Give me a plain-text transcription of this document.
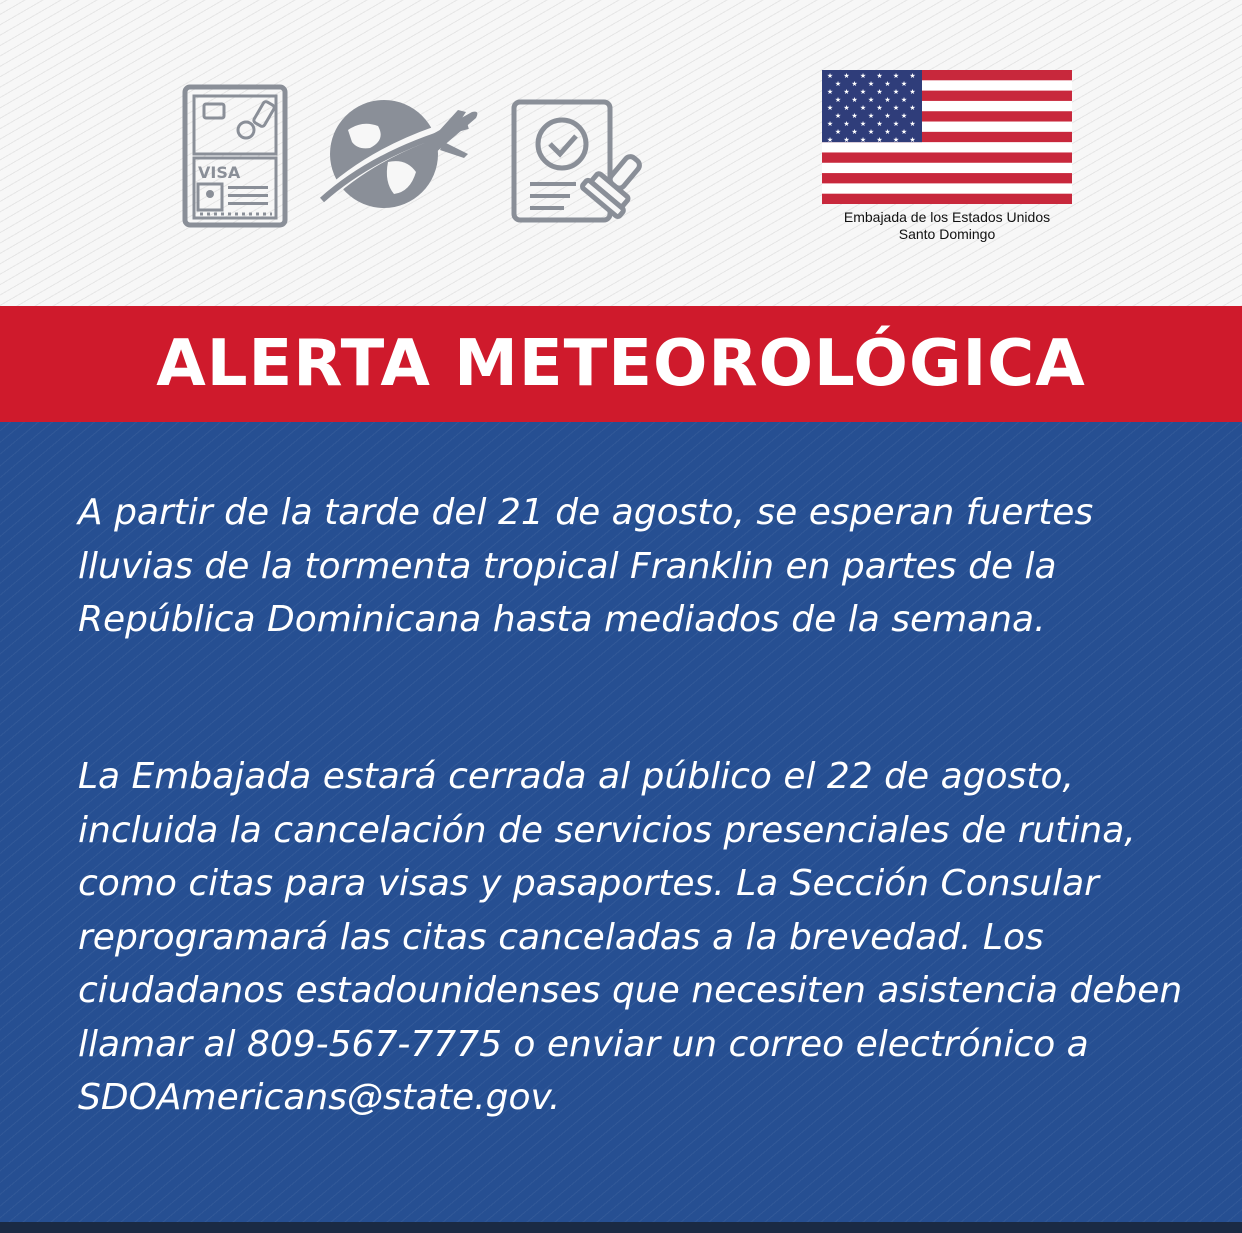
VISA
★ ★ ★ ★ ★ ★
★ ★ ★ ★ ★
★ ★ ★ ★ ★ ★
★ ★ ★ ★ ★
★ ★ ★ ★ ★ ★
★ ★ ★ ★ ★
★ ★ ★ ★ ★ ★
★ ★ ★ ★ ★
★ ★ ★ ★ ★ ★
Embajada de los Estados Unidos
Santo Domingo
ALERTA METEOROLÓGICA

A partir de la tarde del 21 de agosto, se esperan fuertes lluvias de la tormenta tropical Franklin en partes de la República Dominicana hasta mediados de la semana.

La Embajada estará cerrada al público el 22 de agosto, incluida la cancelación de servicios presenciales de rutina, como citas para visas y pasaportes. La Sección Consular reprogramará las citas canceladas a la brevedad. Los ciudadanos estadounidenses que necesiten asistencia deben llamar al 809-567-7775 o enviar un correo electrónico a SDOAmericans@state.gov.
